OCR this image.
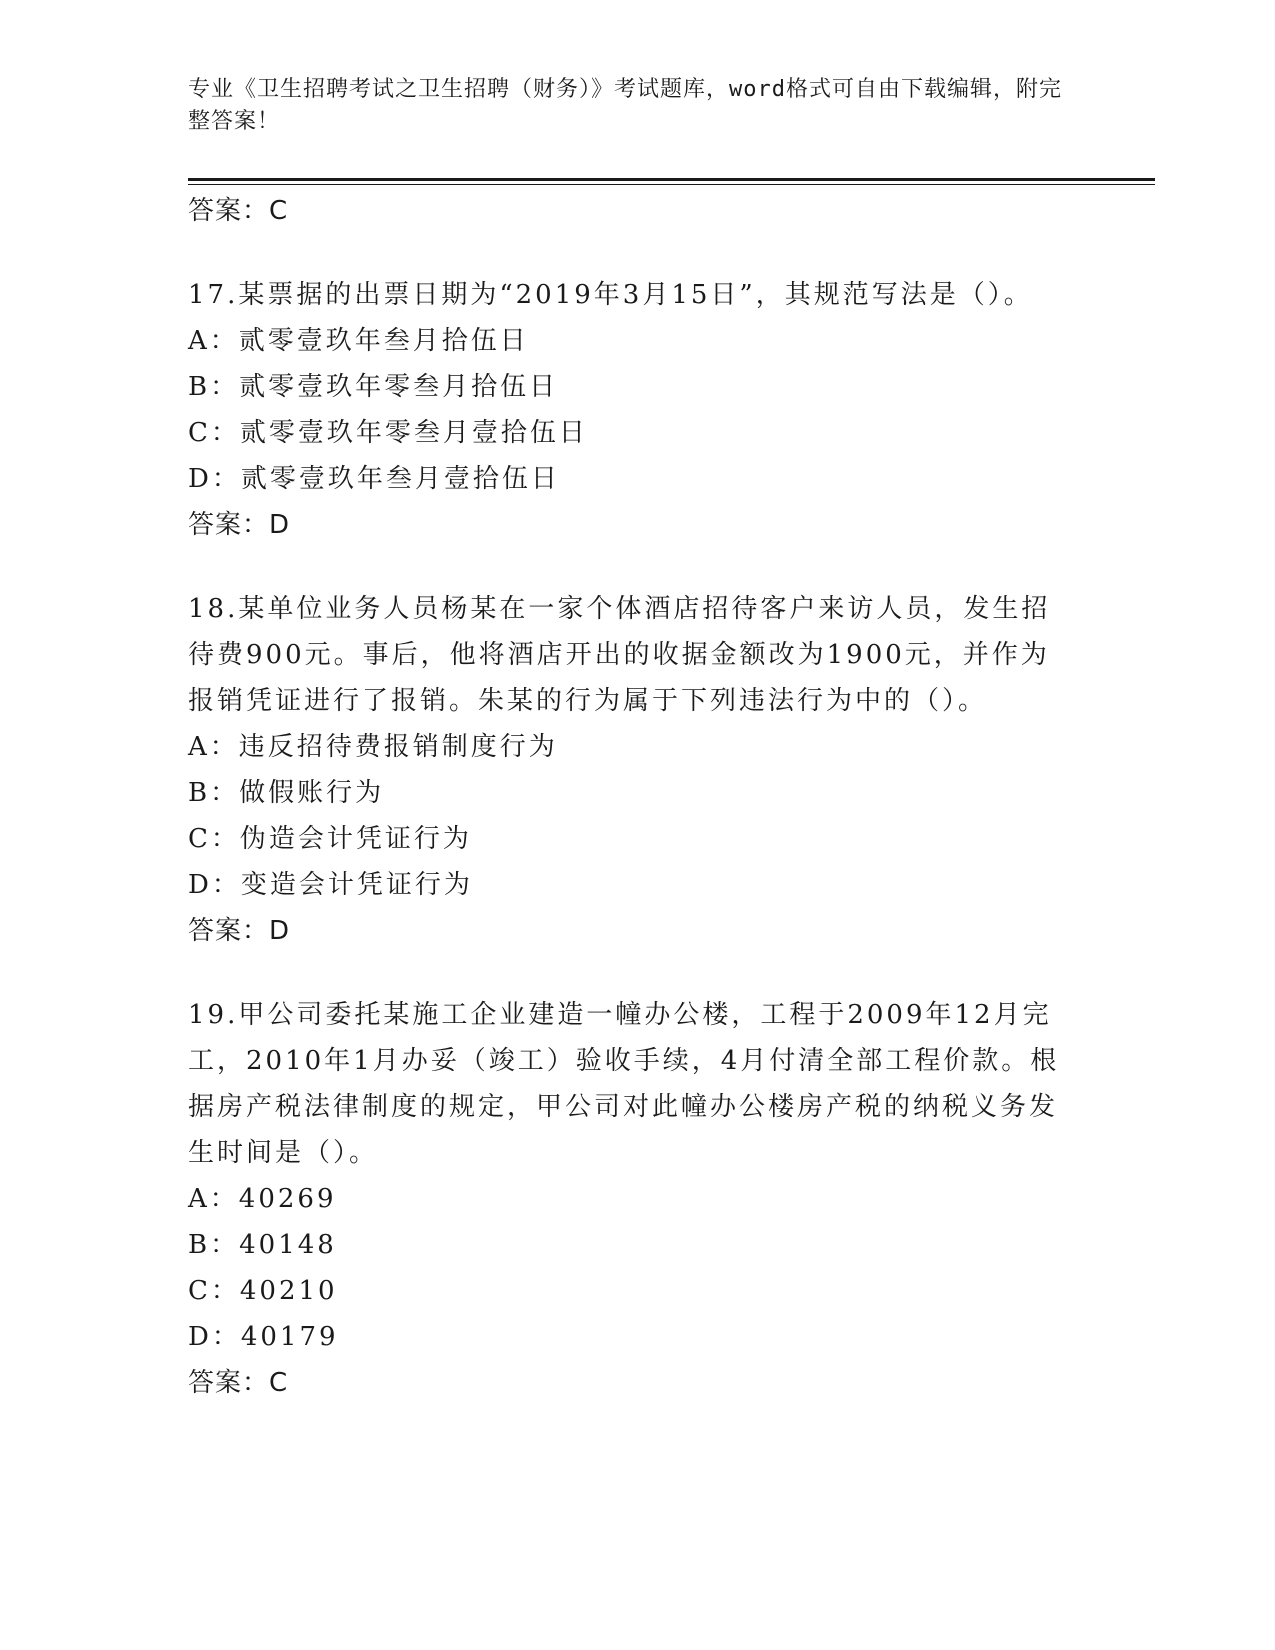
专业《卫生招聘考试之卫生招聘（财务）》考试题库，word格式可自由下载编辑，附完整答案！
答案：C

17.某票据的出票日期为“2019年3月15日”，其规范写法是（）。

A：贰零壹玖年叁月拾伍日
B：贰零壹玖年零叁月拾伍日
C：贰零壹玖年零叁月壹拾伍日
D：贰零壹玖年叁月壹拾伍日
答案：D

18.某单位业务人员杨某在一家个体酒店招待客户来访人员，发生招待费900元。事后，他将酒店开出的收据金额改为1900元，并作为报销凭证进行了报销。朱某的行为属于下列违法行为中的（）。

A：违反招待费报销制度行为
B：做假账行为
C：伪造会计凭证行为
D：变造会计凭证行为
答案：D

19.甲公司委托某施工企业建造一幢办公楼，工程于2009年12月完工，2010年1月办妥（竣工）验收手续，4月付清全部工程价款。根据房产税法律制度的规定，甲公司对此幢办公楼房产税的纳税义务发生时间是（）。

A：40269
B：40148
C：40210
D：40179
答案：C
